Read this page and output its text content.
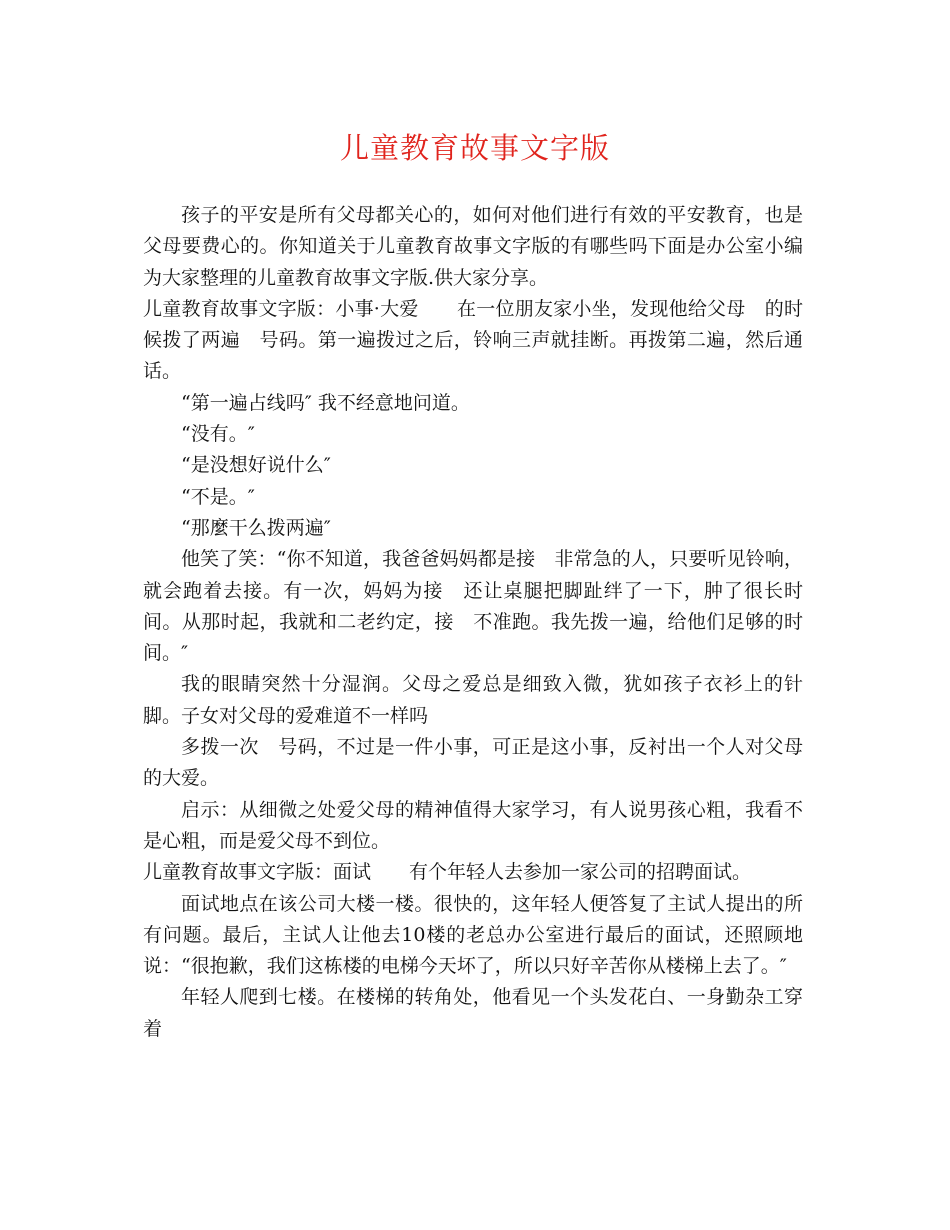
儿童教育故事文字版

孩子的平安是所有父母都关心的，如何对他们进行有效的平安教育，也是父母要费心的。你知道关于儿童教育故事文字版的有哪些吗下面是办公室小编为大家整理的儿童教育故事文字版.供大家分享。

儿童教育故事文字版：小事·大爱　　在一位朋友家小坐，发现他给父母　的时候拨了两遍　号码。第一遍拨过之后，铃响三声就挂断。再拨第二遍，然后通话。

“第一遍占线吗″ 我不经意地问道。

“没有。″

“是没想好说什么″

“不是。″

“那麼干么拨两遍″

他笑了笑：“你不知道，我爸爸妈妈都是接　非常急的人，只要听见铃响，就会跑着去接。有一次，妈妈为接　还让桌腿把脚趾绊了一下，肿了很长时间。从那时起，我就和二老约定，接　不准跑。我先拨一遍，给他们足够的时间。″

我的眼睛突然十分湿润。父母之爱总是细致入微，犹如孩子衣衫上的针脚。子女对父母的爱难道不一样吗

多拨一次　号码，不过是一件小事，可正是这小事，反衬出一个人对父母的大爱。

启示：从细微之处爱父母的精神值得大家学习，有人说男孩心粗，我看不是心粗，而是爱父母不到位。

儿童教育故事文字版：面试　　有个年轻人去参加一家公司的招聘面试。

面试地点在该公司大楼一楼。很快的，这年轻人便答复了主试人提出的所有问题。最后，主试人让他去10楼的老总办公室进行最后的面试，还照顾地说：“很抱歉，我们这栋楼的电梯今天坏了，所以只好辛苦你从楼梯上去了。″

年轻人爬到七楼。在楼梯的转角处，他看见一个头发花白、一身勤杂工穿着
